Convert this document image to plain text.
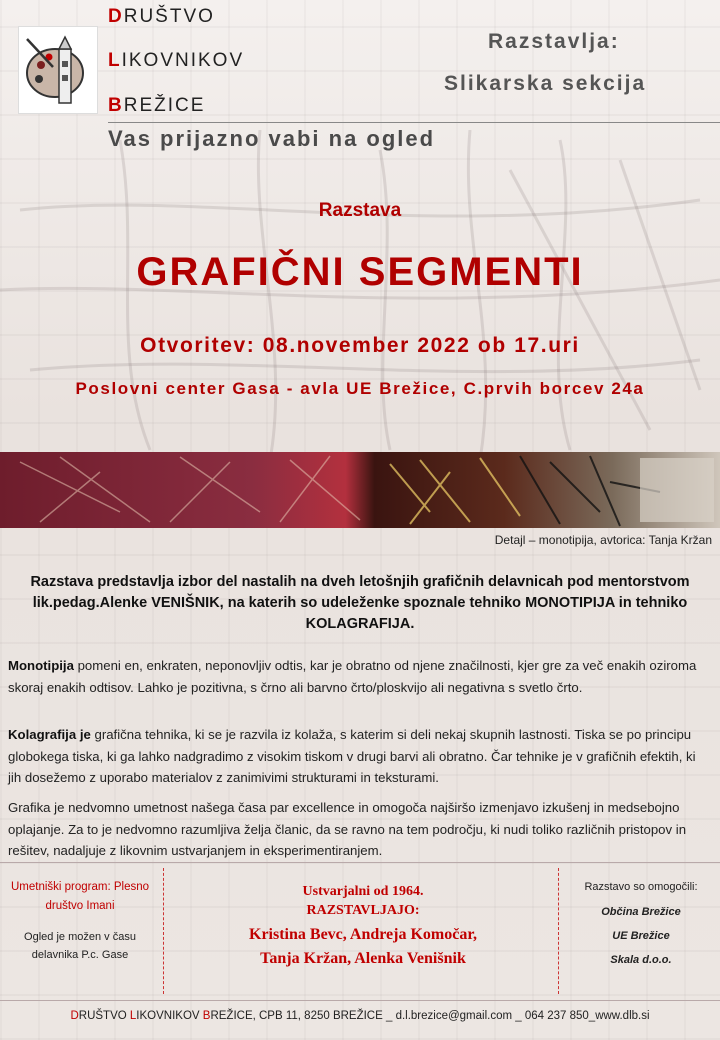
DRUŠTVO
LIKOVNIKOV
BREŽICE
Razstavlja:
Slikarska sekcija
Vas prijazno vabi na ogled
Razstava
GRAFIČNI SEGMENTI
Otvoritev: 08.november 2022 ob 17.uri
Poslovni center Gasa - avla UE Brežice, C.prvih borcev 24a
Detajl – monotipija, avtorica: Tanja Kržan
Razstava predstavlja izbor del nastalih na dveh letošnjih grafičnih delavnicah pod mentorstvom lik.pedag.Alenke VENIŠNIK, na katerih so udeleženke spoznale tehniko MONOTIPIJA in tehniko KOLAGRAFIJA.
Monotipija pomeni en, enkraten, neponovljiv odtis, kar je obratno od njene značilnosti, kjer gre za več enakih oziroma skoraj enakih odtisov. Lahko je pozitivna, s črno ali barvno črto/ploskvijo ali negativna s svetlo črto.
Kolagrafija je grafična tehnika, ki se je razvila iz kolaža, s katerim si deli nekaj skupnih lastnosti. Tiska se po principu globokega tiska, ki ga lahko nadgradimo z visokim tiskom v drugi barvi ali obratno. Čar tehnike je v grafičnih efektih, ki jih dosežemo z uporabo materialov z zanimivimi strukturami in teksturami.
Grafika je nedvomno umetnost našega časa par excellence in omogoča najširšo izmenjavo izkušenj in medsebojno oplajanje. Za to je nedvomno razumljiva želja članic, da se ravno na tem področju, ki nudi toliko različnih pristopov in rešitev, nadaljuje z likovnim ustvarjanjem in eksperimentiranjem.
Umetniški program: Plesno društvo Imani
Ogled je možen v času delavnika P.c. Gase
Ustvarjalni od 1964.
RAZSTAVLJAJO:
Kristina Bevc, Andreja Komočar,
Tanja Kržan, Alenka Venišnik
Razstavo so omogočili:
Občina Brežice
UE Brežice
Skala d.o.o.
DRUŠTVO LIKOVNIKOV BREŽICE, CPB 11, 8250 BREŽICE _ d.l.brezice@gmail.com _ 064 237 850_www.dlb.si
